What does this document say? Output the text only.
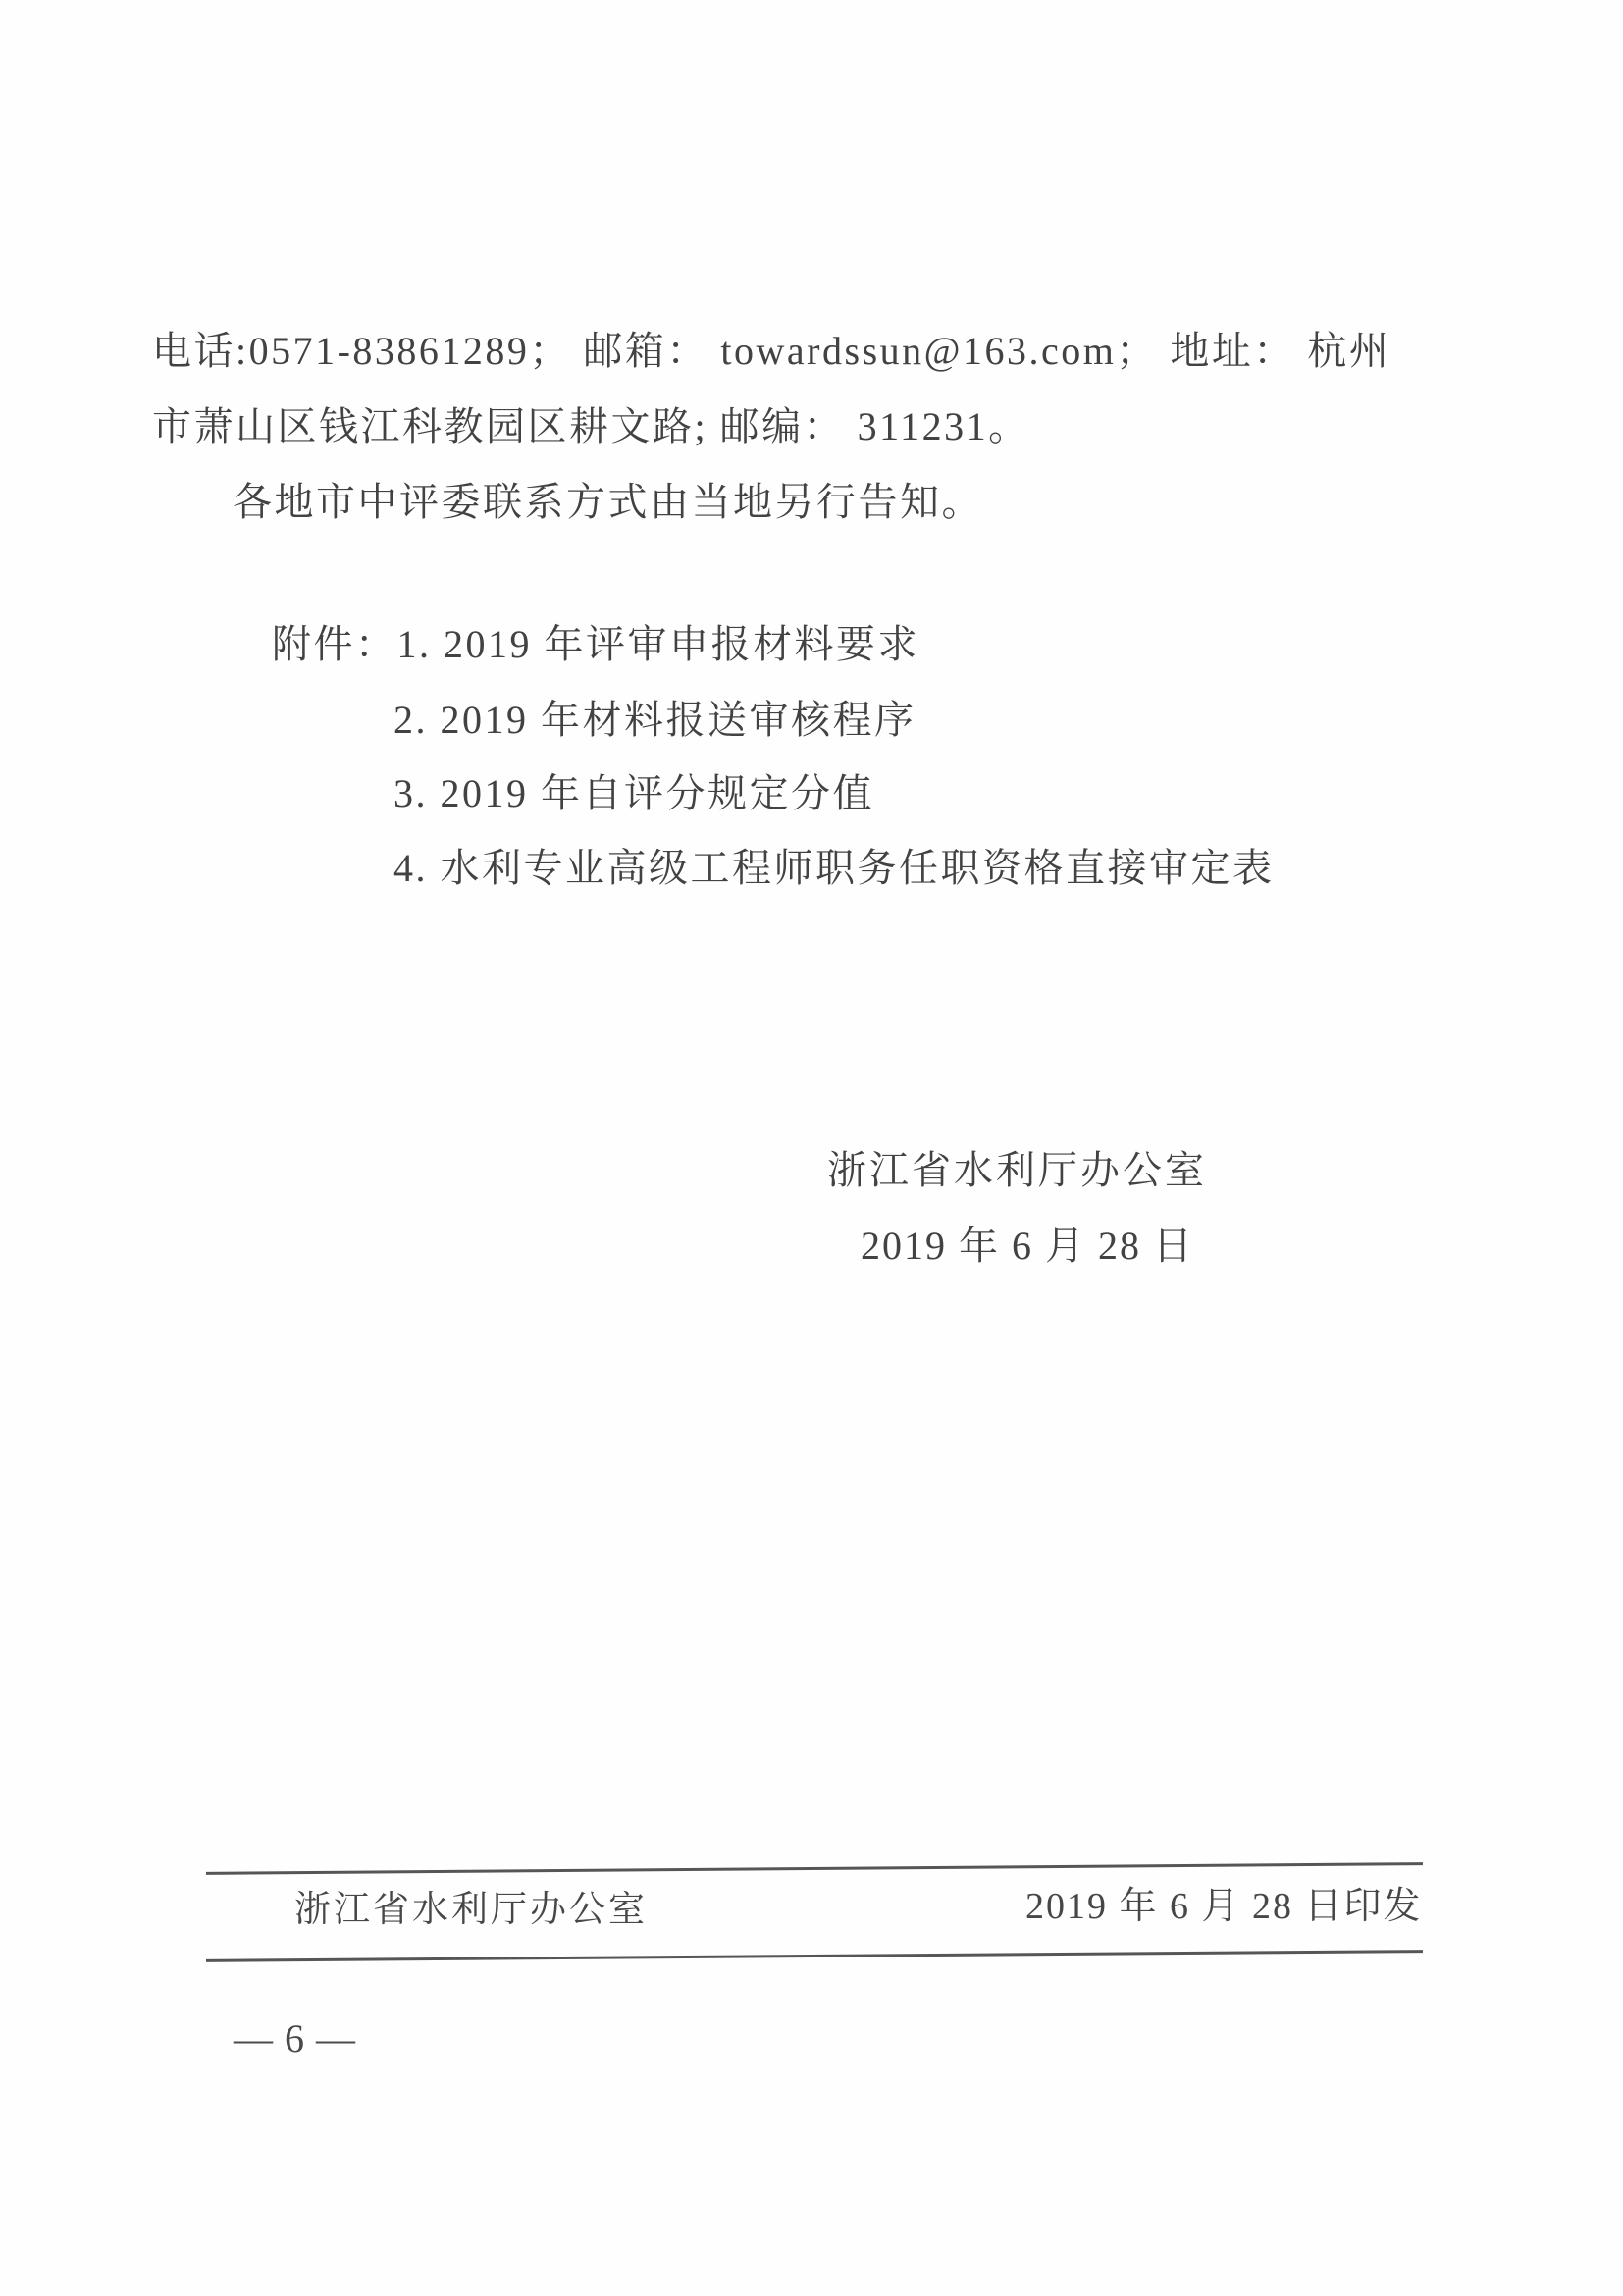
电话:0571-83861289； 邮箱： towardssun@163.com； 地址： 杭州
市萧山区钱江科教园区耕文路; 邮编： 311231。
各地市中评委联系方式由当地另行告知。
附件：1. 2019 年评审申报材料要求
2. 2019 年材料报送审核程序
3. 2019 年自评分规定分值
4. 水利专业高级工程师职务任职资格直接审定表
浙江省水利厅办公室
2019 年 6 月 28 日
浙江省水利厅办公室	2019 年 6 月 28 日印发
— 6 —
